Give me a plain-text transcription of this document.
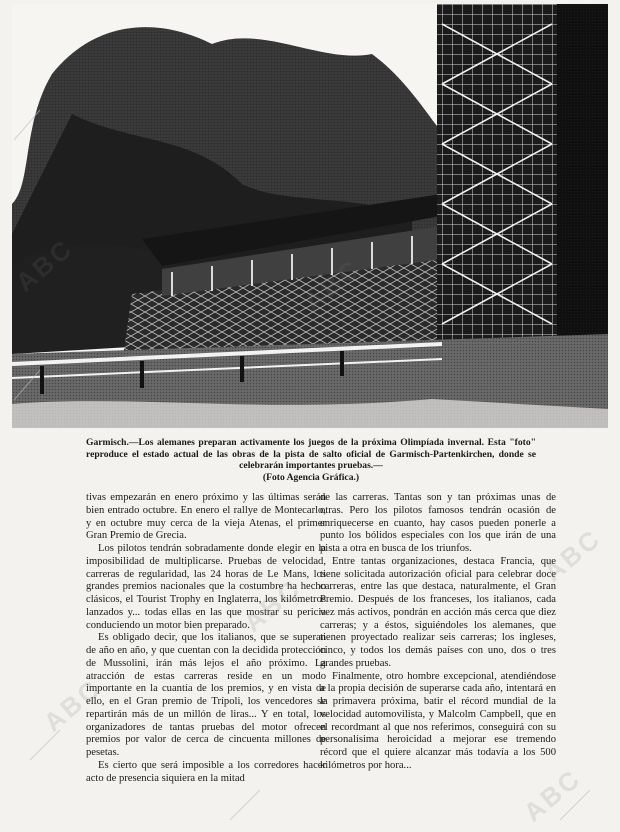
Garmisch.—Los alemanes preparan activamente los juegos de la próxima Olimpíada invernal. Esta "foto" reproduce el estado actual de las obras de la pista de salto oficial de Garmisch-Partenkirchen, donde se celebrarán importantes pruebas.—
(Foto Agencia Gráfica.)

tivas empezarán en enero próximo y las últimas serán bien entrado octubre. En enero el rallye de Montecarlo, y en octubre muy cerca de la vieja Atenas, el primer Gran Premio de Grecia.

Los pilotos tendrán sobradamente donde elegir en la imposibilidad de multiplicarse. Pruebas de velocidad, carreras de regularidad, las 24 horas de Le Mans, los grandes premios nacionales que la costumbre ha hecho clásicos, el Tourist Trophy en Inglaterra, los kilómetros lanzados y... todas ellas en las que mostrar su pericia conduciendo un motor bien preparado.

Es obligado decir, que los italianos, que se superan de año en año, y que cuentan con la decidida protección de Mussolini, irán más lejos el año próximo. La atracción de estas carreras reside en un modo importante en la cuantía de los premios, y en vista de ello, en el Gran premio de Trípoli, los vencedores se repartirán más de un millón de liras... Y en total, los organizadores de tantas pruebas del motor ofrecen premios por valor de cerca de cincuenta millones de pesetas.

Es cierto que será imposible a los corredores hacer acto de presencia siquiera en la mitad

de las carreras. Tantas son y tan próximas unas de otras. Pero los pilotos famosos tendrán ocasión de enriquecerse en cuanto, hay casos pueden ponerle a punto los bólidos especiales con los que irán de una pista a otra en busca de los triunfos.

Entre tantas organizaciones, destaca Francia, que tiene solicitada autorización oficial para celebrar doce carreras, entre las que destaca, naturalmente, el Gran Premio. Después de los franceses, los italianos, cada vez más activos, pondrán en acción más cerca que diez carreras; y a éstos, siguiéndoles los alemanes, que tienen proyectado realizar seis carreras; los ingleses, cinco, y todos los demás países con uno, dos o tres grandes pruebas.

Finalmente, otro hombre excepcional, atendiéndose a la propia decisión de superarse cada año, intentará en la primavera próxima, batir el récord mundial de la velocidad automovilista, y Malcolm Campbell, que en el recordmant al que nos referimos, conseguirá con su personalísima heroicidad a mejorar ese tremendo récord que el quiere alcanzar más todavía a los 500 kilómetros por hora...

ABC
ABC
ABC
ABC
